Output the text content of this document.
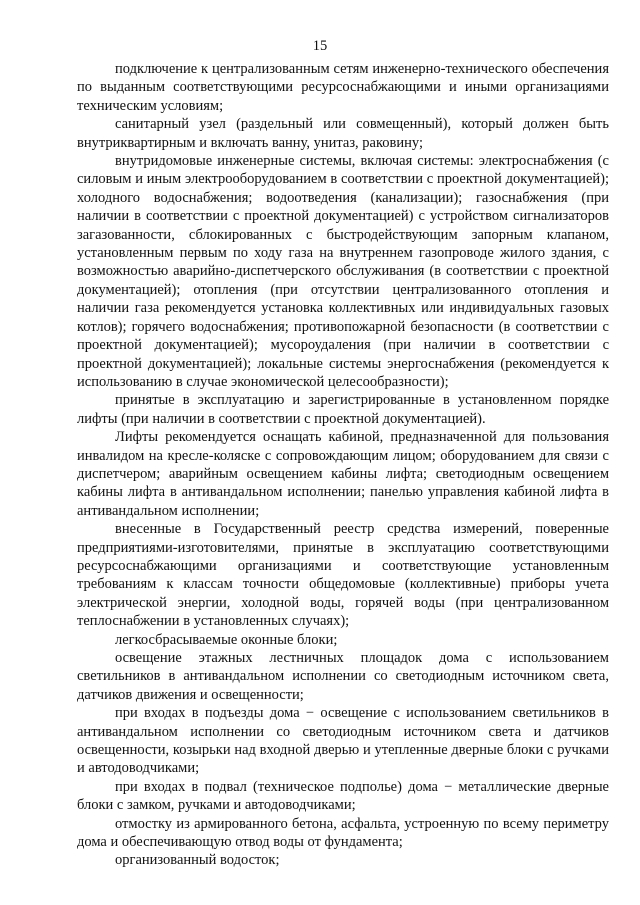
15

подключение к централизованным сетям инженерно-технического обеспечения по выданным соответствующими ресурсоснабжающими и иными организациями техническим условиям;

санитарный узел (раздельный или совмещенный), который должен быть внутриквартирным и включать ванну, унитаз, раковину;

внутридомовые инженерные системы, включая системы: электроснабжения (с силовым и иным электрооборудованием в соответствии с проектной документацией); холодного водоснабжения; водоотведения (канализации); газоснабжения (при наличии в соответствии с проектной документацией) с устройством сигнализаторов загазованности, сблокированных с быстродействующим запорным клапаном, установленным первым по ходу газа на внутреннем газопроводе жилого здания, с возможностью аварийно-диспетчерского обслуживания (в соответствии с проектной документацией); отопления (при отсутствии централизованного отопления и наличии газа рекомендуется установка коллективных или индивидуальных газовых котлов); горячего водоснабжения; противопожарной безопасности (в соответствии с проектной документацией); мусороудаления (при наличии в соответствии с проектной документацией); локальные системы энергоснабжения (рекомендуется к использованию в случае экономической целесообразности);

принятые в эксплуатацию и зарегистрированные в установленном порядке лифты (при наличии в соответствии с проектной документацией).

Лифты рекомендуется оснащать кабиной, предназначенной для пользования инвалидом на кресле-коляске с сопровождающим лицом; оборудованием для связи с диспетчером; аварийным освещением кабины лифта; светодиодным освещением кабины лифта в антивандальном исполнении; панелью управления кабиной лифта в антивандальном исполнении;

внесенные в Государственный реестр средства измерений, поверенные предприятиями-изготовителями, принятые в эксплуатацию соответствующими ресурсоснабжающими организациями и соответствующие установленным требованиям к классам точности общедомовые (коллективные) приборы учета электрической энергии, холодной воды, горячей воды (при централизованном теплоснабжении в установленных случаях);

легкосбрасываемые оконные блоки;

освещение этажных лестничных площадок дома с использованием светильников в антивандальном исполнении со светодиодным источником света, датчиков движения и освещенности;

при входах в подъезды дома − освещение с использованием светильников в антивандальном исполнении со светодиодным источником света и датчиков освещенности, козырьки над входной дверью и утепленные дверные блоки с ручками и автодоводчиками;

при входах в подвал (техническое подполье) дома − металлические дверные блоки с замком, ручками и автодоводчиками;

отмостку из армированного бетона, асфальта, устроенную по всему периметру дома и обеспечивающую отвод воды от фундамента;

организованный водосток;
